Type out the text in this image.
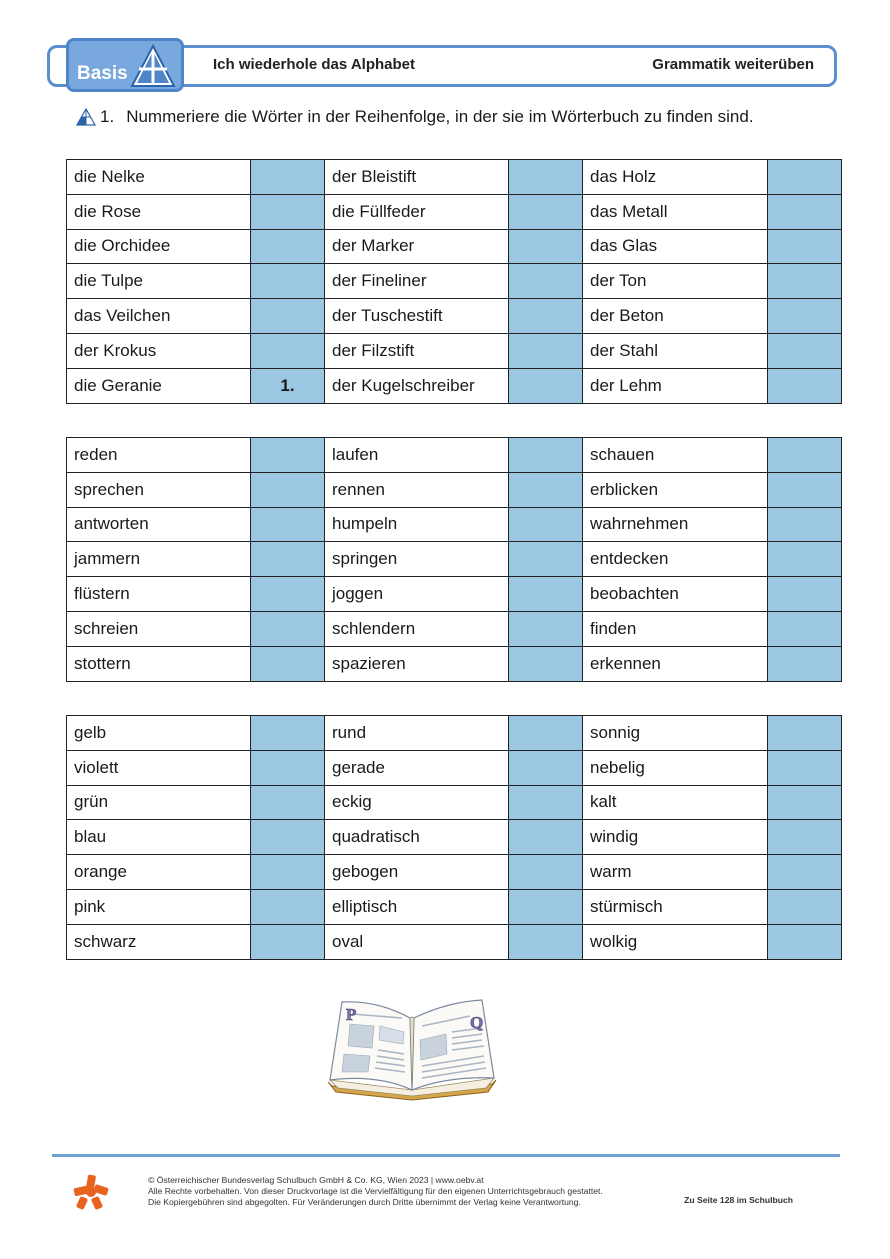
Basis	Ich wiederhole das Alphabet	Grammatik weiterüben
1. Nummeriere die Wörter in der Reihenfolge, in der sie im Wörterbuch zu finden sind.
die Nelke		der Bleistift		das Holz	
die Rose		die Füllfeder		das Metall	
die Orchidee		der Marker		das Glas	
die Tulpe		der Fineliner		der Ton	
das Veilchen		der Tuschestift		der Beton	
der Krokus		der Filzstift		der Stahl	
die Geranie	1.	der Kugelschreiber		der Lehm	
reden		laufen		schauen	
sprechen		rennen		erblicken	
antworten		humpeln		wahrnehmen	
jammern		springen		entdecken	
flüstern		joggen		beobachten	
schreien		schlendern		finden	
stottern		spazieren		erkennen	
gelb		rund		sonnig	
violett		gerade		nebelig	
grün		eckig		kalt	
blau		quadratisch		windig	
orange		gebogen		warm	
pink		elliptisch		stürmisch	
schwarz		oval		wolkig	
P	Q
© Österreichischer Bundesverlag Schulbuch GmbH & Co. KG, Wien 2023 | www.oebv.at
Alle Rechte vorbehalten. Von dieser Druckvorlage ist die Vervielfältigung für den eigenen Unterrichtsgebrauch gestattet.
Die Kopiergebühren sind abgegolten. Für Veränderungen durch Dritte übernimmt der Verlag keine Verantwortung.	Zu Seite 128 im Schulbuch
